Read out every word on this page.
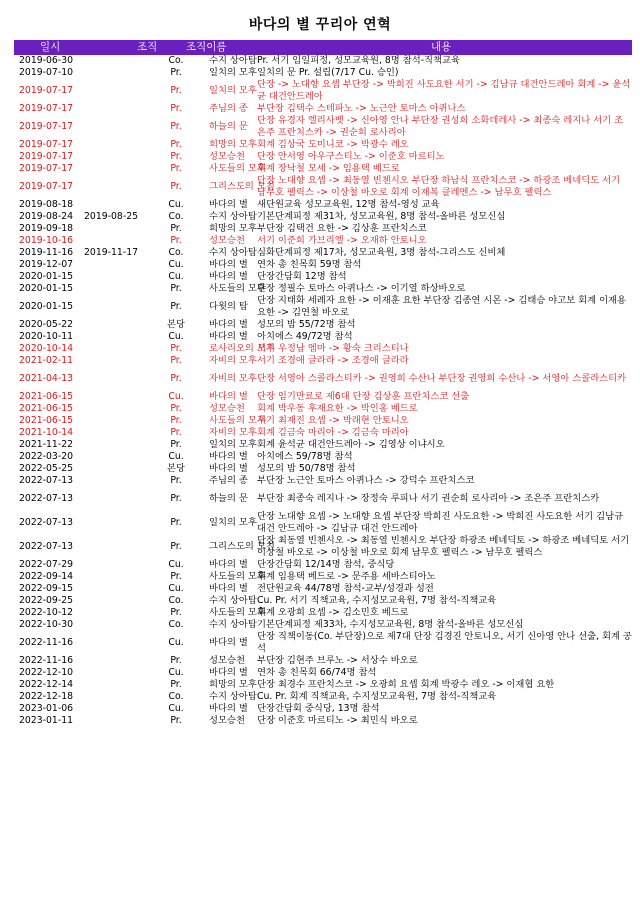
바다의 별 꾸리아 연혁
일시	조직	조직이름	내용
2019-06-30		Co.	수지 상아탑	Pr. 서기 임일피정, 성모교육원, 8명 참석-직책교육
2019-07-10		Pr.	일치의 모후	일치의 문 Pr. 설립(7/17 Cu. 승인)
2019-07-17		Pr.	일치의 모후	단장 -> 노대향 요셉 부단장 -> 박희진 사도요한 서기 -> 김남규 대건안드레아 회계 -> 윤석균 대건안드레아
2019-07-17		Pr.	주님의 종	부단장 김택수 스테파노 -> 노근안 토마스 아퀴나스
2019-07-17		Pr.	하늘의 문	단장 유경자 엘리사벳 -> 신아영 안나 부단장 권성희 소화데레사 -> 최종숙 레지나 서기 조은주 프란치스카 -> 권순희 로사리아
2019-07-17		Pr.	희망의 모후	회계 김상국 도미니코 -> 박광수 레오
2019-07-17		Pr.	성모승천	단장 안서영 아우구스티노 -> 이준호 마르티노
2019-07-17		Pr.	사도들의 모후	회계 장낙철 모세 -> 임용택 베드로
2019-07-17		Pr.	그리스도의 모친	단장 노대향 요셉 -> 최동열 빈첸시오 부단장 하남식 프란치스코 -> 하광조 베네딕도 서기 남무호 펠릭스 -> 이상철 바오로 회계 이재복 클레멘스 -> 남무호 펠릭스
2019-08-18		Cu.	바다의 별	새단원교육 성모교육원, 12명 참석-영성 교육
2019-08-24	2019-08-25	Co.	수지 상아탑	기본단계피정 제31차, 성모교육원, 8명 참석-올바른 성모신심
2019-09-18		Pr.	희망의 모후	부단장 김택건 요한 -> 김상훈 프란치스코
2019-10-16		Pr.	성모승천	서기 이준희 가브리엘 -> 오재하 안토니오
2019-11-16	2019-11-17	Co.	수지 상아탑	심화단계피정 제17차, 성모교육원, 3명 참석-그리스도 신비체
2019-12-07		Cu.	바다의 별	연차 총 친목회 59명 참석
2020-01-15		Cu.	바다의 별	단장간담회 12명 참석
2020-01-15		Pr.	사도들의 모후	단장 정필수 토마스 아퀴나스 -> 이기열 하상바오로
2020-01-15		Pr.	다윗의 탑	단장 지태화 세례자 요한 -> 이재훈 요한 부단장 김종연 시몬 -> 김태승 야고보 회계 이재용 요한 -> 김연철 바오로
2020-05-22		본당	바다의 별	성모의 밤 55/72명 참석
2020-10-11		Cu.	바다의 별	아치에스 49/72명 참석
2020-10-14		Pr.	로사리오의 모후	서기 우정남 엠마 -> 황숙 크리스티나
2021-02-11		Pr.	자비의 모후	서기 조경애 글라라 -> 조경애 글라라
2021-04-13		Pr.	자비의 모후	단장 서영아 스콜라스티카 -> 권영희 수산나 부단장 권영희 수산나 -> 서영아 스콜라스티카
2021-06-15		Cu.	바다의 별	단장 임기만료로 제6대 단장 김상훈 프란치스코 선출
2021-06-15		Pr.	성모승천	회계 박우동 후재요한 -> 박인홍 베드로
2021-06-15		Pr.	사도들의 모후	서기 최재진 요셉 -> 박래현 안토니오
2021-10-14		Pr.	자비의 모후	회계 김금숙 마리아 -> 김금숙 마리아
2021-11-22		Pr.	일치의 모후	회계 윤석균 대건안드레아 -> 김영상 이냐시오
2022-03-20		Cu.	바다의 별	아치에스 59/78명 참석
2022-05-25		본당	바다의 별	성모의 밤 50/78명 참석
2022-07-13		Pr.	주님의 종	부단장 노근안 토마스 아퀴나스 -> 강덕수 프란치스코
2022-07-13		Pr.	하늘의 문	부단장 최종숙 레지나 -> 장정숙 루피나 서기 권순희 로사리아 -> 조은주 프란치스카
2022-07-13		Pr.	일치의 모후	단장 노대향 요셉 -> 노대향 요셉 부단장 박희진 사도요한 -> 박희진 사도요한 서기 김남규 대건 안드레아 -> 김남규 대건 안드레아
2022-07-13		Pr.	그리스도의 모친	단장 최동열 빈첸시오 -> 최동열 빈첸시오 부단장 하광조 베네딕토 -> 하광조 베네딕토 서기 이상철 바오로 -> 이상철 바오로 회계 남무호 펠릭스 -> 남무호 펠릭스
2022-07-29		Cu.	바다의 별	단장간담회 12/14명 참석, 중식당
2022-09-14		Pr.	사도들의 모후	회계 임용택 베드로 -> 문주용 세바스티아노
2022-09-15		Cu.	바다의 별	전단원교육 44/78명 참석-교부/성경과 성전
2022-09-25		Co.	수지 상아탑	Cu. Pr. 서기 직책교육, 수지성모교육원, 7명 참석-직책교육
2022-10-12		Pr.	사도들의 모후	회계 오광희 요셉 -> 김소민호 베드로
2022-10-30		Co.	수지 상아탑	기본단계피정 제33차, 수지성모교육원, 8명 참석-올바른 성모신심
2022-11-16		Cu.	바다의 별	단장 직책이동(Co. 부단장)으로 제7대 단장 김경진 안토니오, 서기 신아영 안나 선출, 회계 공석
2022-11-16		Pr.	성모승천	부단장 김현주 브루노 -> 서상수 바오로
2022-12-10		Cu.	바다의 별	연차 총 친목회 66/74명 참석
2022-12-14		Pr.	희망의 모후	단장 최경수 프란치스코 -> 오광희 요셉 회계 박광수 레오 -> 이재협 요한
2022-12-18		Co.	수지 상아탑	Cu. Pr. 회계 직책교육, 수지성모교육원, 7명 참석-직책교육
2023-01-06		Cu.	바다의 별	단장간담회 중식당, 13명 참석
2023-01-11		Pr.	성모승천	단장 이준호 마르티노 -> 최민식 바오로
